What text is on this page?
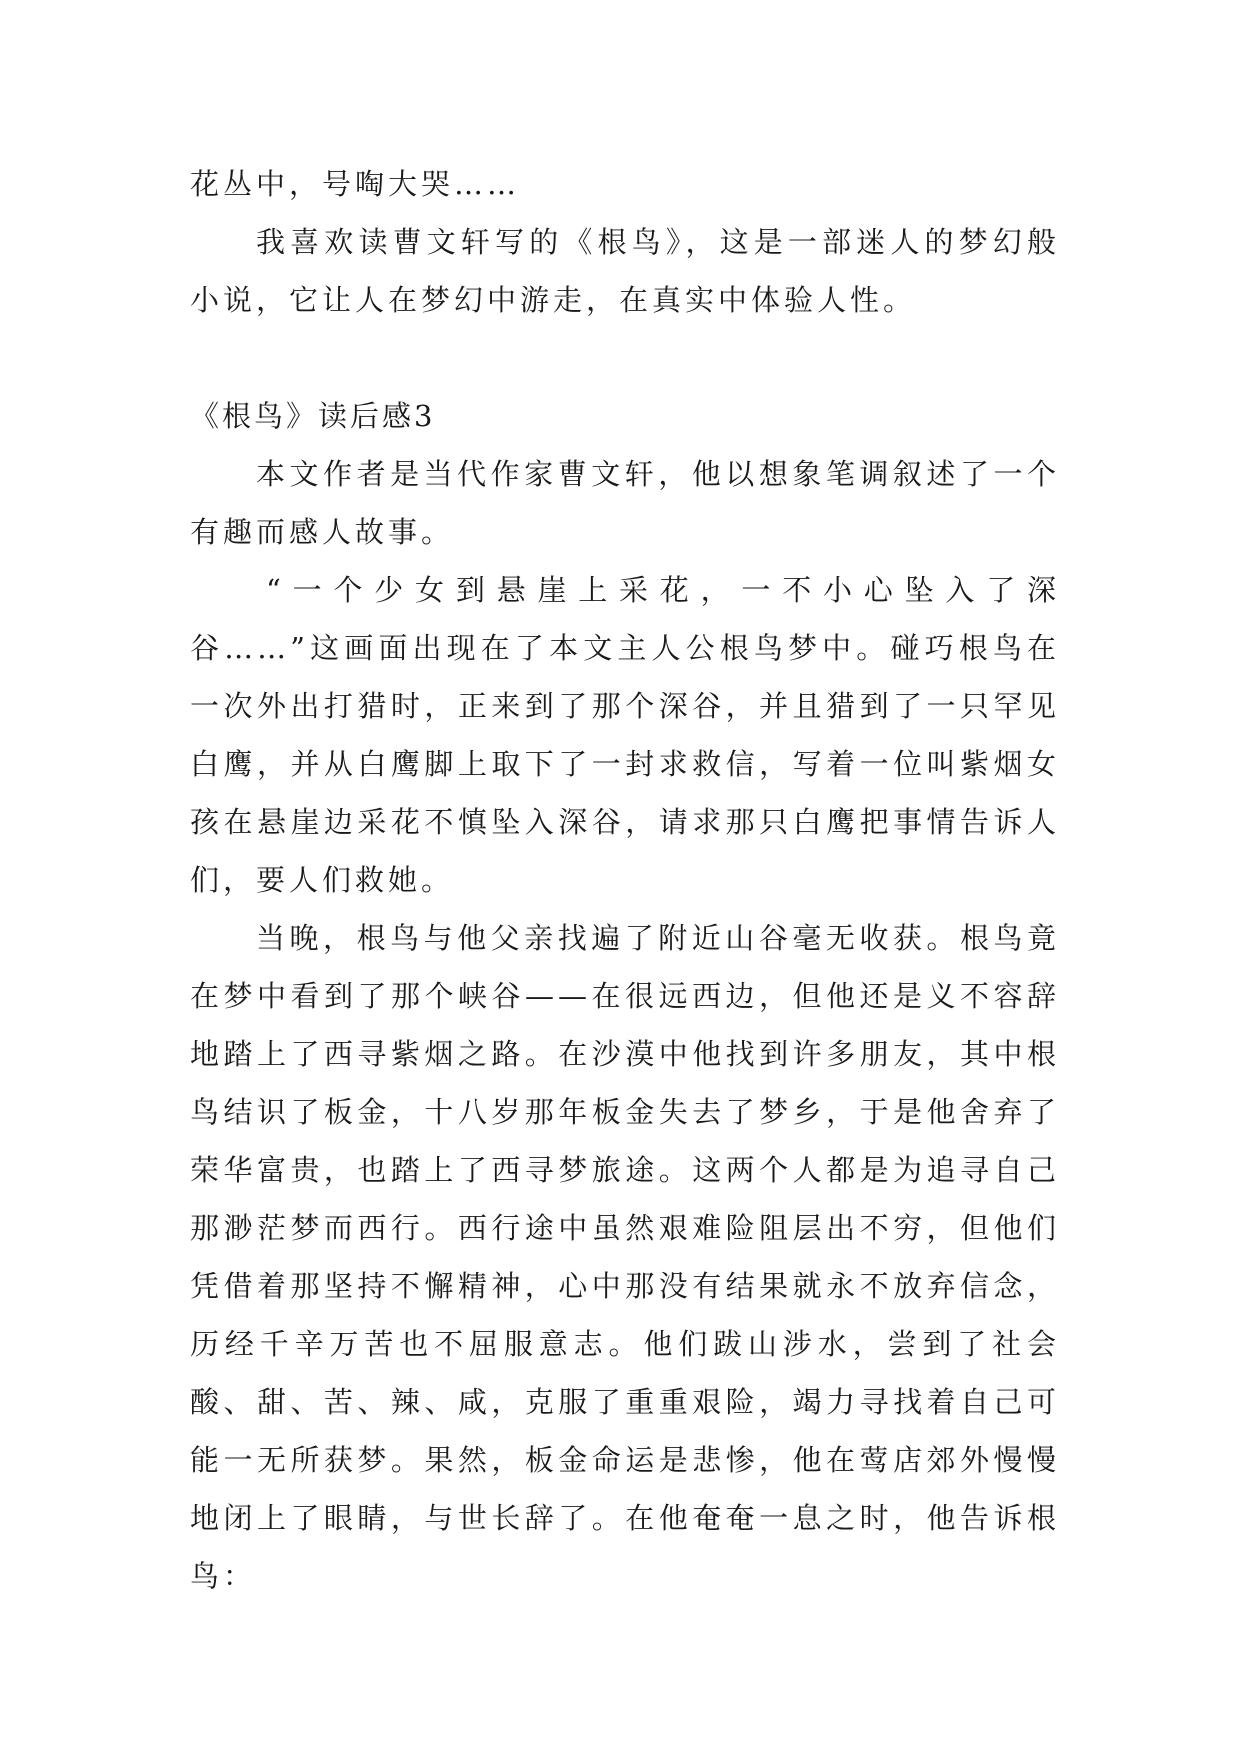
花丛中，号啕大哭……

我喜欢读曹文轩写的《根鸟》，这是一部迷人的梦幻般小说，它让人在梦幻中游走，在真实中体验人性。

《根鸟》读后感3

本文作者是当代作家曹文轩，他以想象笔调叙述了一个有趣而感人故事。

“一个少女到悬崖上采花，一不小心坠入了深谷……”这画面出现在了本文主人公根鸟梦中。碰巧根鸟在一次外出打猎时，正来到了那个深谷，并且猎到了一只罕见白鹰，并从白鹰脚上取下了一封求救信，写着一位叫紫烟女孩在悬崖边采花不慎坠入深谷，请求那只白鹰把事情告诉人们，要人们救她。

当晚，根鸟与他父亲找遍了附近山谷毫无收获。根鸟竟在梦中看到了那个峡谷——在很远西边，但他还是义不容辞地踏上了西寻紫烟之路。在沙漠中他找到许多朋友，其中根鸟结识了板金，十八岁那年板金失去了梦乡，于是他舍弃了荣华富贵，也踏上了西寻梦旅途。这两个人都是为追寻自己那渺茫梦而西行。西行途中虽然艰难险阻层出不穷，但他们凭借着那坚持不懈精神，心中那没有结果就永不放弃信念，历经千辛万苦也不屈服意志。他们跋山涉水，尝到了社会酸、甜、苦、辣、咸，克服了重重艰险，竭力寻找着自己可能一无所获梦。果然，板金命运是悲惨，他在莺店郊外慢慢地闭上了眼睛，与世长辞了。在他奄奄一息之时，他告诉根鸟：
